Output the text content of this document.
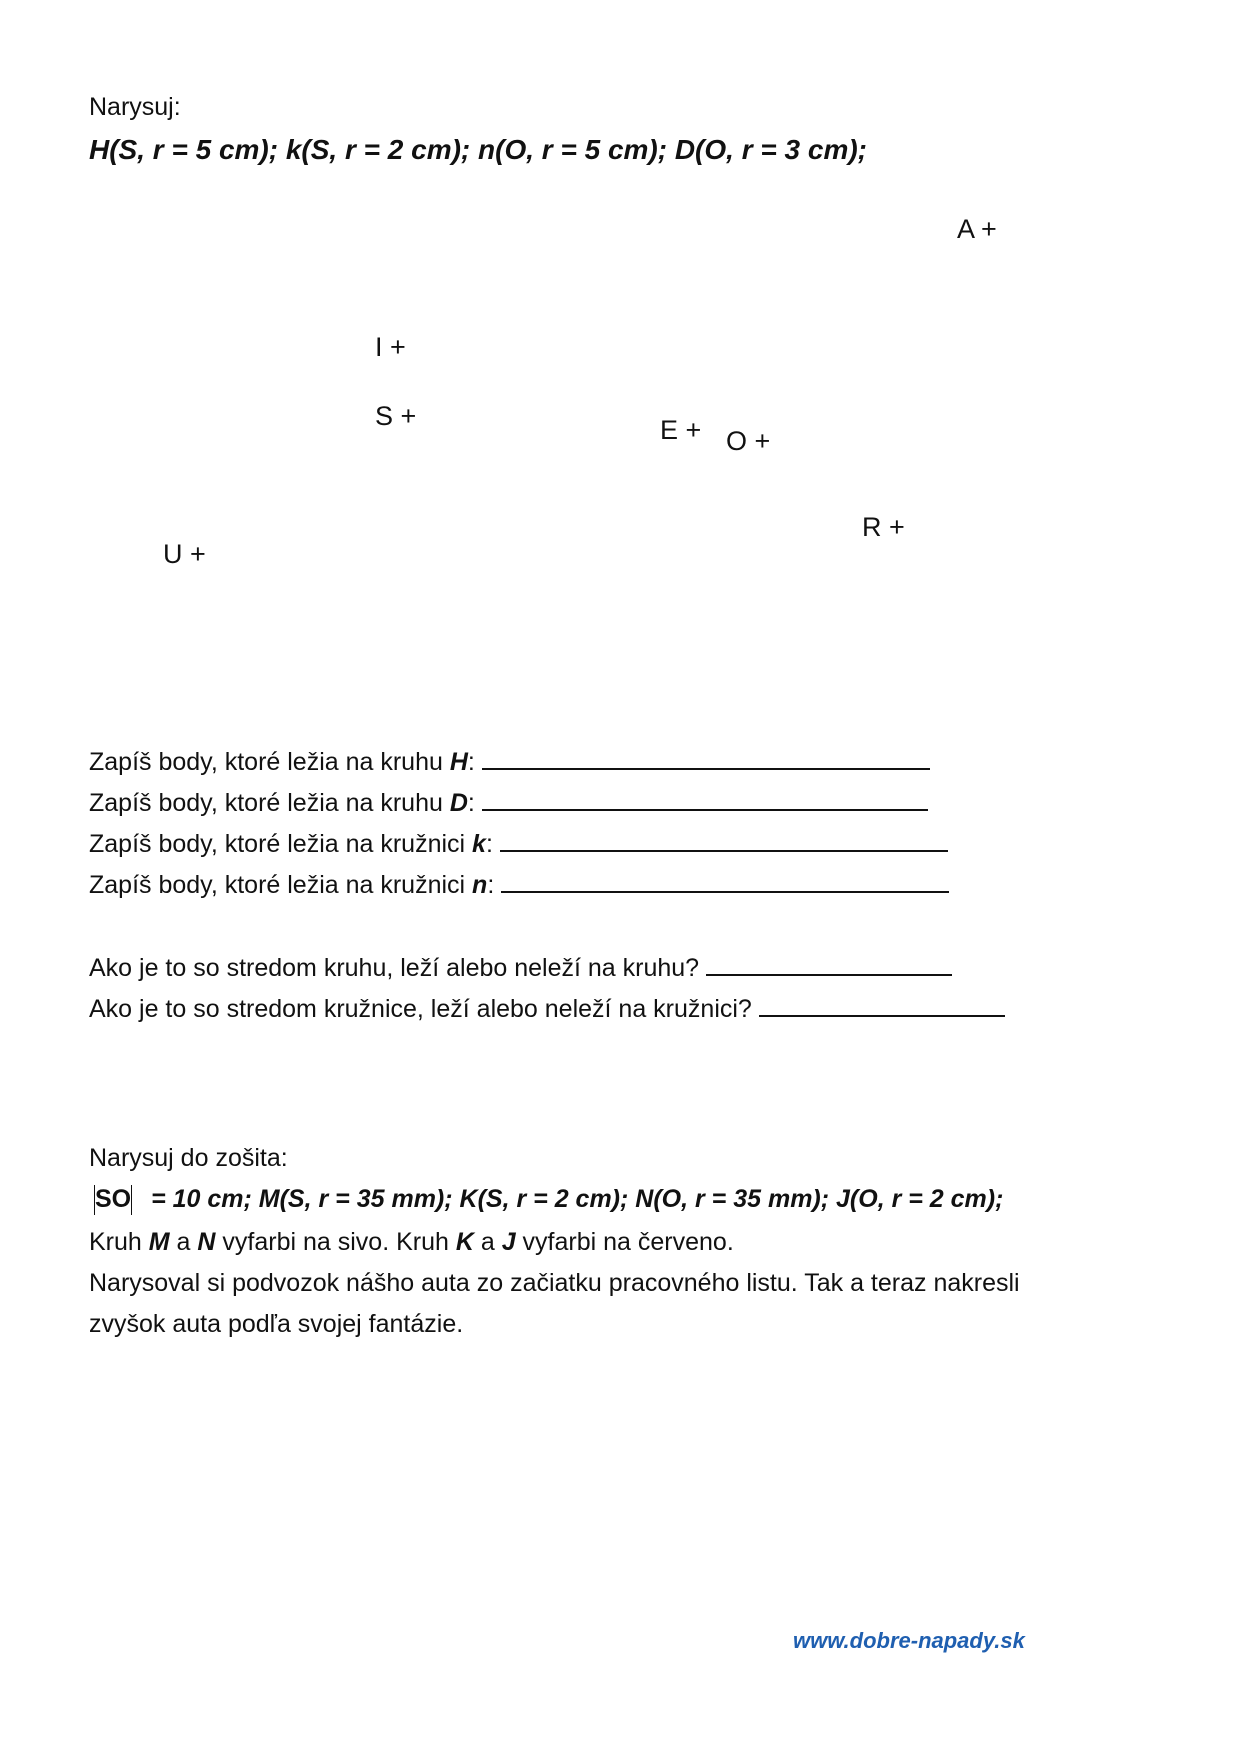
Narysuj:
H(S, r = 5 cm); k(S, r = 2 cm); n(O, r = 5 cm); D(O, r = 3 cm);
A +
I +
S +	E + O +
R +
U +
Zapíš body, ktoré ležia na kruhu H:
Zapíš body, ktoré ležia na kruhu D:
Zapíš body, ktoré ležia na kružnici k:
Zapíš body, ktoré ležia na kružnici n:
Ako je to so stredom kruhu, leží alebo neleží na kruhu?
Ako je to so stredom kružnice, leží alebo neleží na kružnici?
Narysuj do zošita:
SO = 10 cm; M(S, r = 35 mm); K(S, r = 2 cm); N(O, r = 35 mm); J(O, r = 2 cm);
Kruh M a N vyfarbi na sivo. Kruh K a J vyfarbi na červeno.
Narysoval si podvozok nášho auta zo začiatku pracovného listu. Tak a teraz nakresli
zvyšok auta podľa svojej fantázie.
www.dobre-napady.sk
